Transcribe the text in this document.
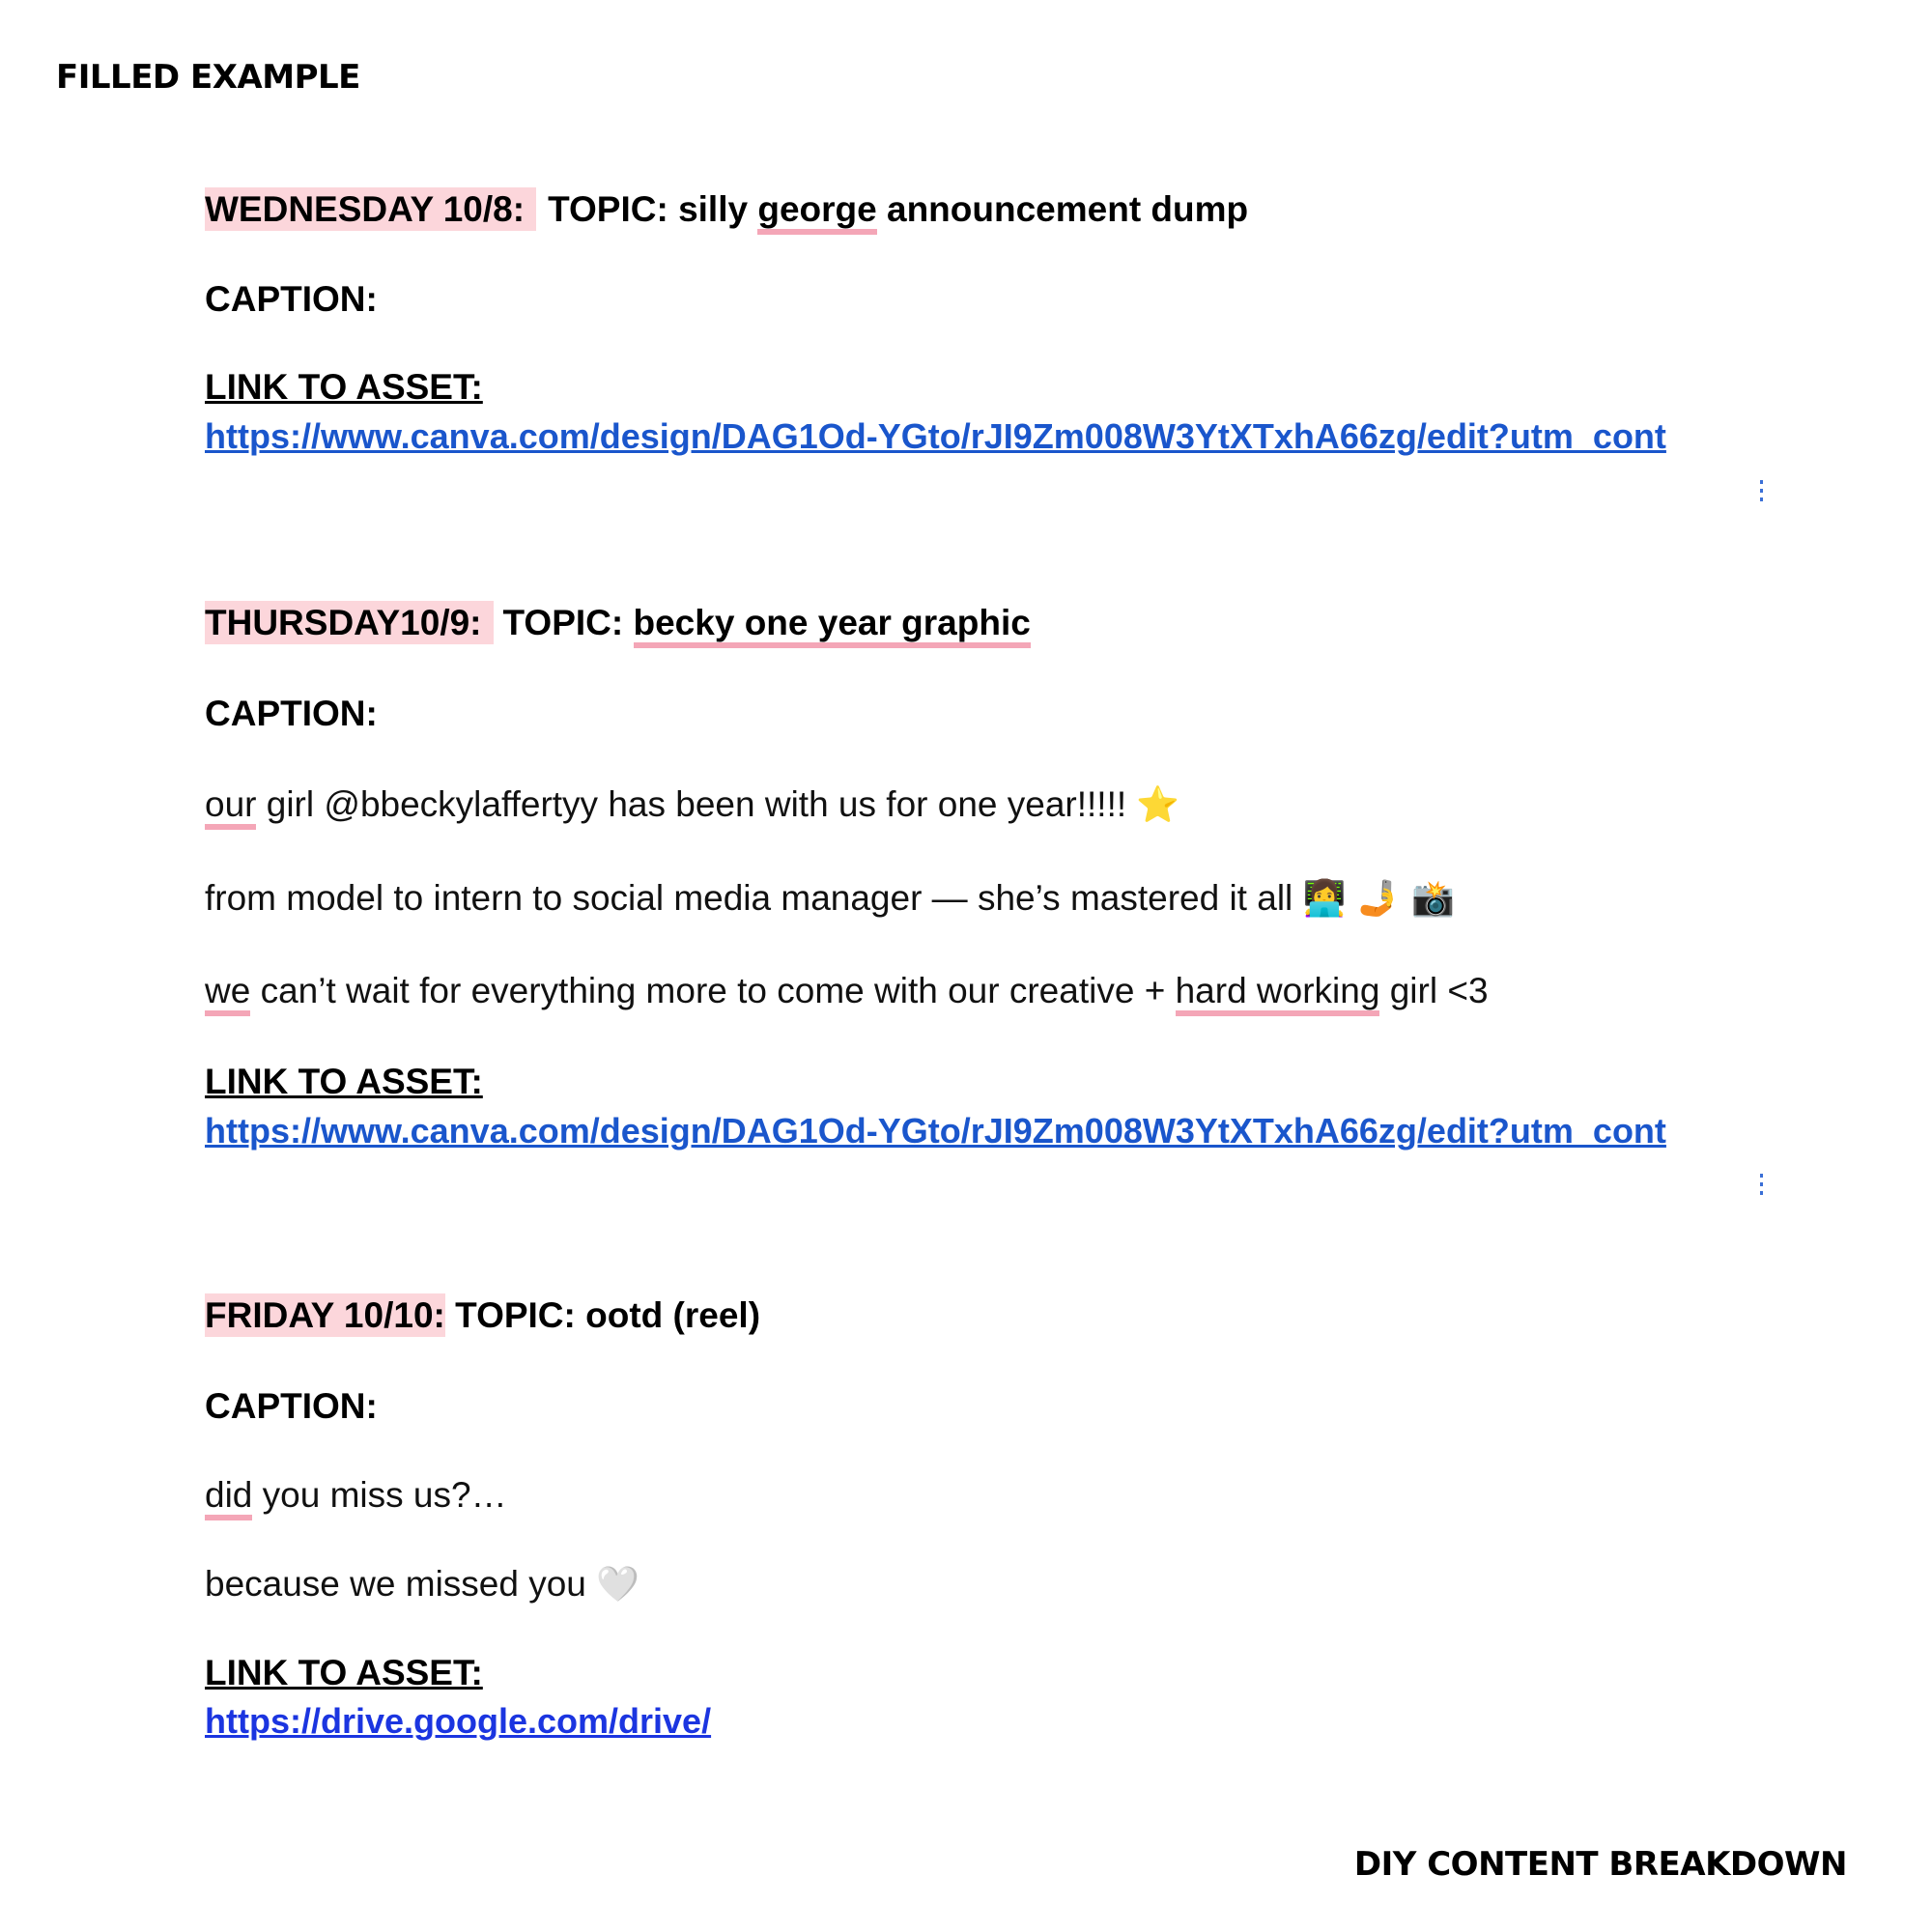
FILLED EXAMPLE
WEDNESDAY 10/8: TOPIC: silly george announcement dump
CAPTION:
LINK TO ASSET:
https://www.canva.com/design/DAG1Od-YGto/rJI9Zm008W3YtXTxhA66zg/edit?utm_cont
THURSDAY10/9: TOPIC: becky one year graphic
CAPTION:
our girl @bbeckylaffertyy has been with us for one year!!!!! ⭐
from model to intern to social media manager — she’s mastered it all 👩‍💻 🤳 📸
we can’t wait for everything more to come with our creative + hard working girl <3
LINK TO ASSET:
https://www.canva.com/design/DAG1Od-YGto/rJI9Zm008W3YtXTxhA66zg/edit?utm_cont
FRIDAY 10/10: TOPIC: ootd (reel)
CAPTION:
did you miss us?…
because we missed you 🤍
LINK TO ASSET:
https://drive.google.com/drive/
DIY CONTENT BREAKDOWN
